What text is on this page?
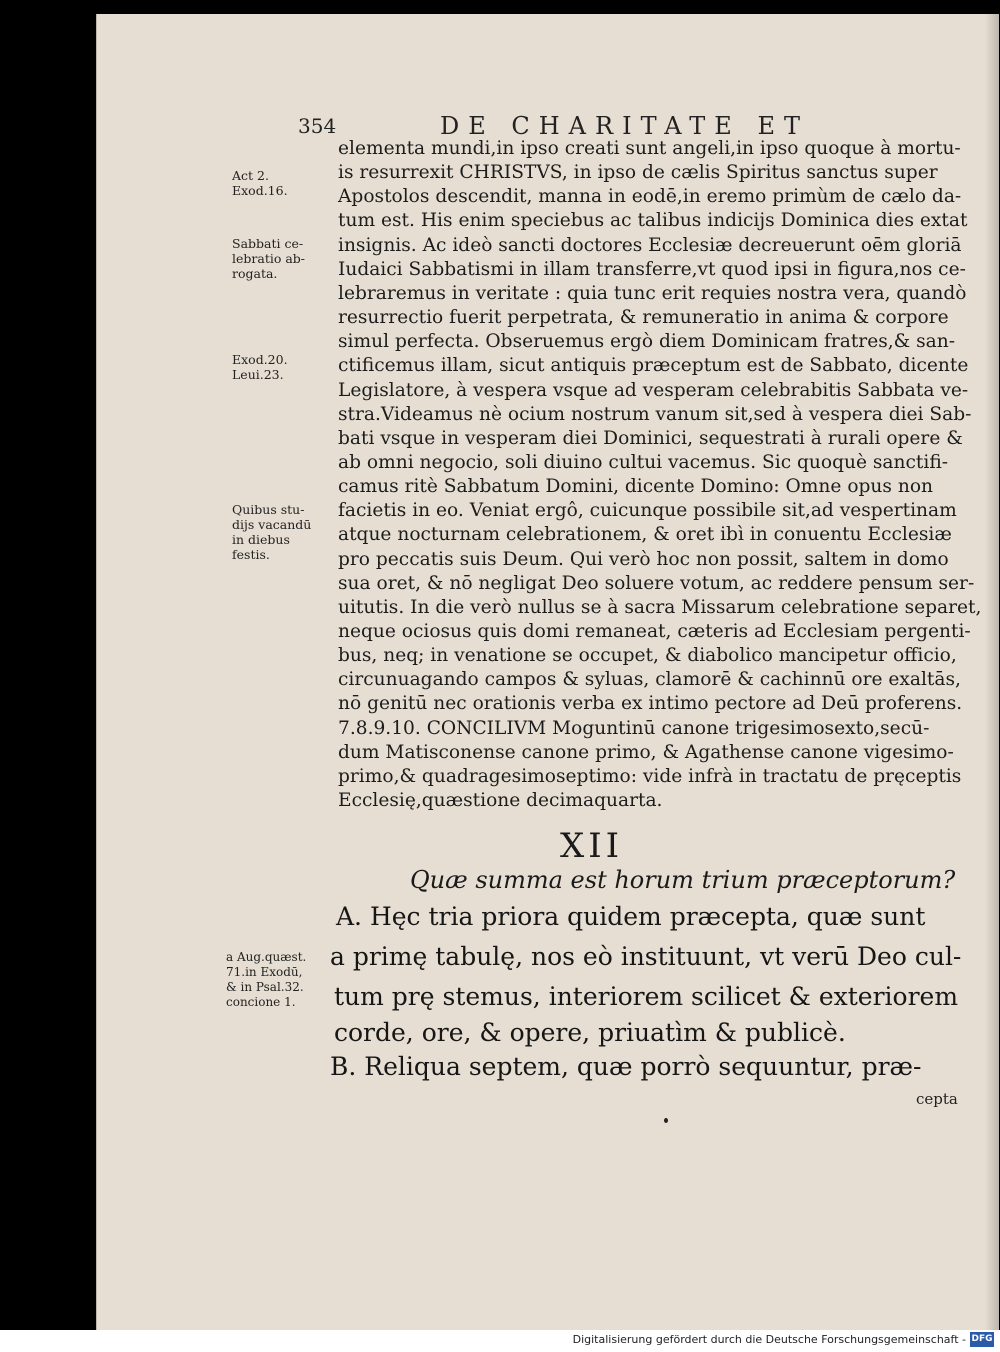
354	DE CHARITATE ET
elementa mundi,in ipso creati sunt angeli,in ipso quoque à mortu-
is resurrexit CHRISTVS, in ipso de cælis Spiritus sanctus super
Apostolos descendit, manna in eodē,in eremo primùm de cælo da-
tum est. His enim speciebus ac talibus indicijs Dominica dies extat
insignis. Ac ideò sancti doctores Ecclesiæ decreuerunt oēm gloriā
Iudaici Sabbatismi in illam transferre,vt quod ipsi in figura,nos ce-
lebraremus in veritate : quia tunc erit requies nostra vera, quandò
resurrectio fuerit perpetrata, & remuneratio in anima & corpore
simul perfecta. Obseruemus ergò diem Dominicam fratres,& san-
ctificemus illam, sicut antiquis præceptum est de Sabbato, dicente
Legislatore, à vespera vsque ad vesperam celebrabitis Sabbata ve-
stra.Videamus nè ocium nostrum vanum sit,sed à vespera diei Sab-
bati vsque in vesperam diei Dominici, sequestrati à rurali opere &
ab omni negocio, soli diuino cultui vacemus. Sic quoquè sanctifi-
camus ritè Sabbatum Domini, dicente Domino: Omne opus non
facietis in eo. Veniat ergô, cuicunque possibile sit,ad vespertinam
atque nocturnam celebrationem, & oret ibì in conuentu Ecclesiæ
pro peccatis suis Deum. Qui verò hoc non possit, saltem in domo
sua oret, & nō negligat Deo soluere votum, ac reddere pensum ser-
uitutis. In die verò nullus se à sacra Missarum celebratione separet,
neque ociosus quis domi remaneat, cæteris ad Ecclesiam pergenti-
bus, neq; in venatione se occupet, & diabolico mancipetur officio,
circunuagando campos & syluas, clamorē & cachinnū ore exaltās,
nō genitū nec orationis verba ex intimo pectore ad Deū proferens.
7.8.9.10. CONCILIVM Moguntinū canone trigesimosexto,secū-
dum Matisconense canone primo, & Agathense canone vigesimo-
primo,& quadragesimoseptimo: vide infrà in tractatu de pręceptis
Ecclesię,quæstione decimaquarta.
Act 2.
Exod.16.
Sabbati ce-
lebratio ab-
rogata.
Exod.20.
Leui.23.
Quibus stu-
dijs vacandū
in diebus
festis.
a Aug.quæst.
71.in Exodū,
& in Psal.32.
concione 1.
XII
Quæ summa est horum trium præceptorum?
A. Hęc tria priora quidem præcepta, quæ sunt
a primę tabulę, nos eò instituunt, vt verū Deo cul-
tum prę stemus, interiorem scilicet & exteriorem
corde, ore, & opere, priuatìm & publicè.
B. Reliqua septem, quæ porrò sequuntur, præ-
cepta
Digitalisierung gefördert durch die Deutsche Forschungsgemeinschaft - DFG
